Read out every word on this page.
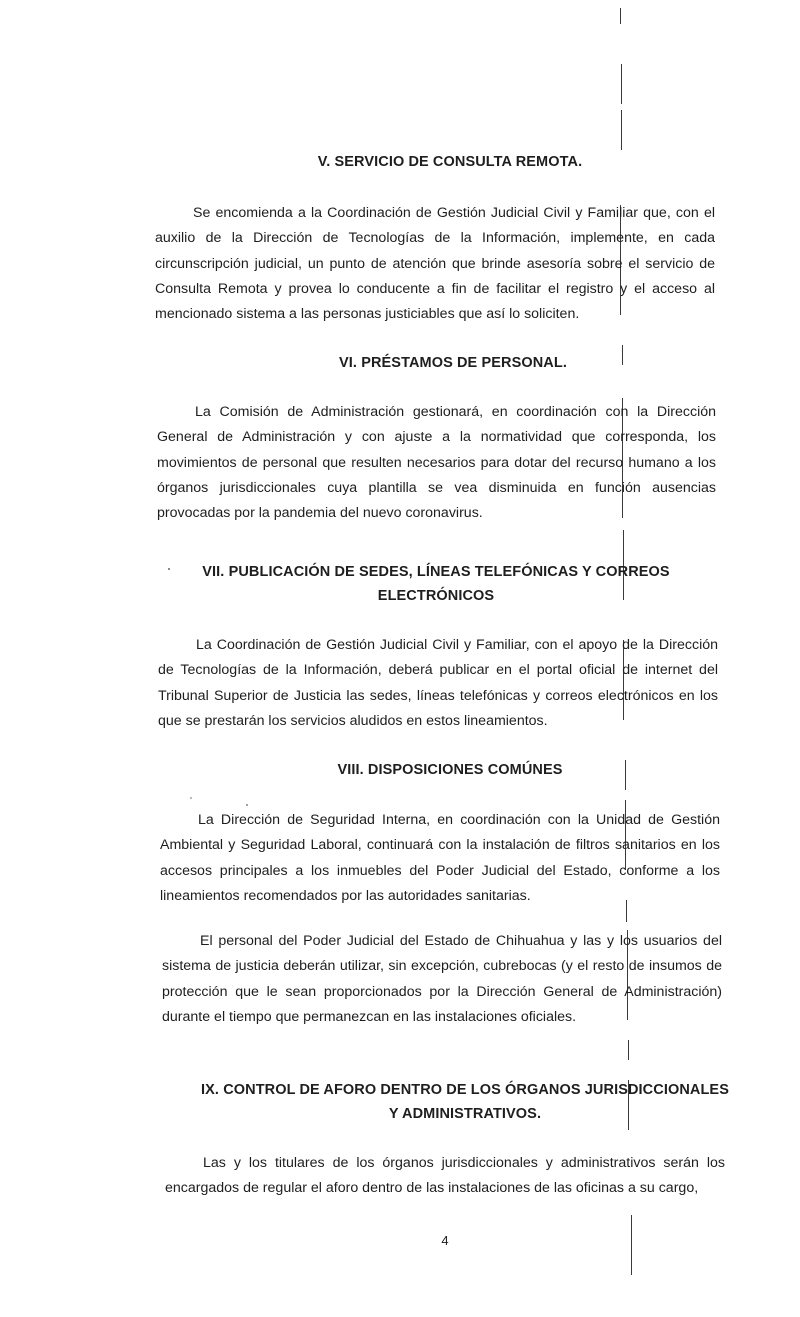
V. SERVICIO DE CONSULTA REMOTA.

Se encomienda a la Coordinación de Gestión Judicial Civil y Familiar que, con el auxilio de la Dirección de Tecnologías de la Información, implemente, en cada circunscripción judicial, un punto de atención que brinde asesoría sobre el servicio de Consulta Remota y provea lo conducente a fin de facilitar el registro y el acceso al mencionado sistema a las personas justiciables que así lo soliciten.

VI. PRÉSTAMOS DE PERSONAL.

La Comisión de Administración gestionará, en coordinación con la Dirección General de Administración y con ajuste a la normatividad que corresponda, los movimientos de personal que resulten necesarios para dotar del recurso humano a los órganos jurisdiccionales cuya plantilla se vea disminuida en función ausencias provocadas por la pandemia del nuevo coronavirus.

VII. PUBLICACIÓN DE SEDES, LÍNEAS TELEFÓNICAS Y CORREOS ELECTRÓNICOS

La Coordinación de Gestión Judicial Civil y Familiar, con el apoyo de la Dirección de Tecnologías de la Información, deberá publicar en el portal oficial de internet del Tribunal Superior de Justicia las sedes, líneas telefónicas y correos electrónicos en los que se prestarán los servicios aludidos en estos lineamientos.

VIII. DISPOSICIONES COMÚNES

La Dirección de Seguridad Interna, en coordinación con la Unidad de Gestión Ambiental y Seguridad Laboral, continuará con la instalación de filtros sanitarios en los accesos principales a los inmuebles del Poder Judicial del Estado, conforme a los lineamientos recomendados por las autoridades sanitarias.

El personal del Poder Judicial del Estado de Chihuahua y las y los usuarios del sistema de justicia deberán utilizar, sin excepción, cubrebocas (y el resto de insumos de protección que le sean proporcionados por la Dirección General de Administración) durante el tiempo que permanezcan en las instalaciones oficiales.

IX. CONTROL DE AFORO DENTRO DE LOS ÓRGANOS JURISDICCIONALES Y ADMINISTRATIVOS.

Las y los titulares de los órganos jurisdiccionales y administrativos serán los encargados de regular el aforo dentro de las instalaciones de las oficinas a su cargo,

4
